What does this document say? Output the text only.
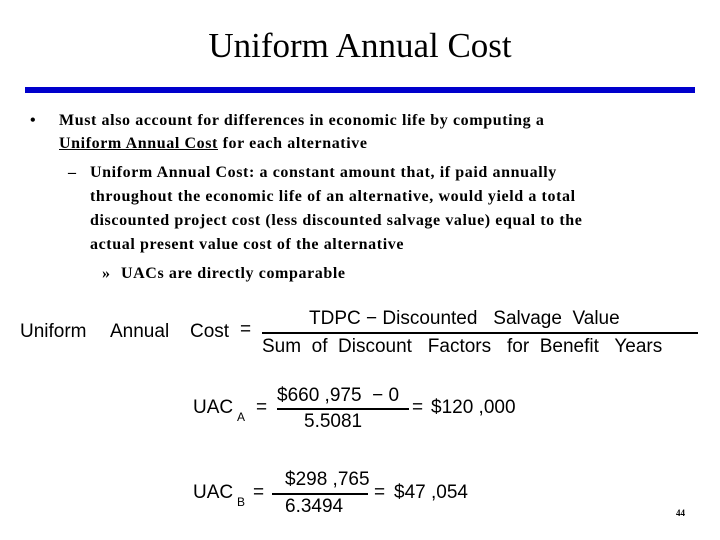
Uniform Annual Cost
• Must also account for differences in economic life by computing a
Uniform Annual Cost for each alternative
– Uniform Annual Cost: a constant amount that, if paid annually
throughout the economic life of an alternative, would yield a total
discounted project cost (less discounted salvage value) equal to the
actual present value cost of the alternative
» UACs are directly comparable
Uniform Annual Cost =
TDPC − Discounted   Salvage  Value
Sum  of  Discount   Factors   for  Benefit   Years
UAC A =
$660 ,975  − 0
5.5081
= $120 ,000
UAC B =
$298 ,765
6.3494
= $47 ,054
44
